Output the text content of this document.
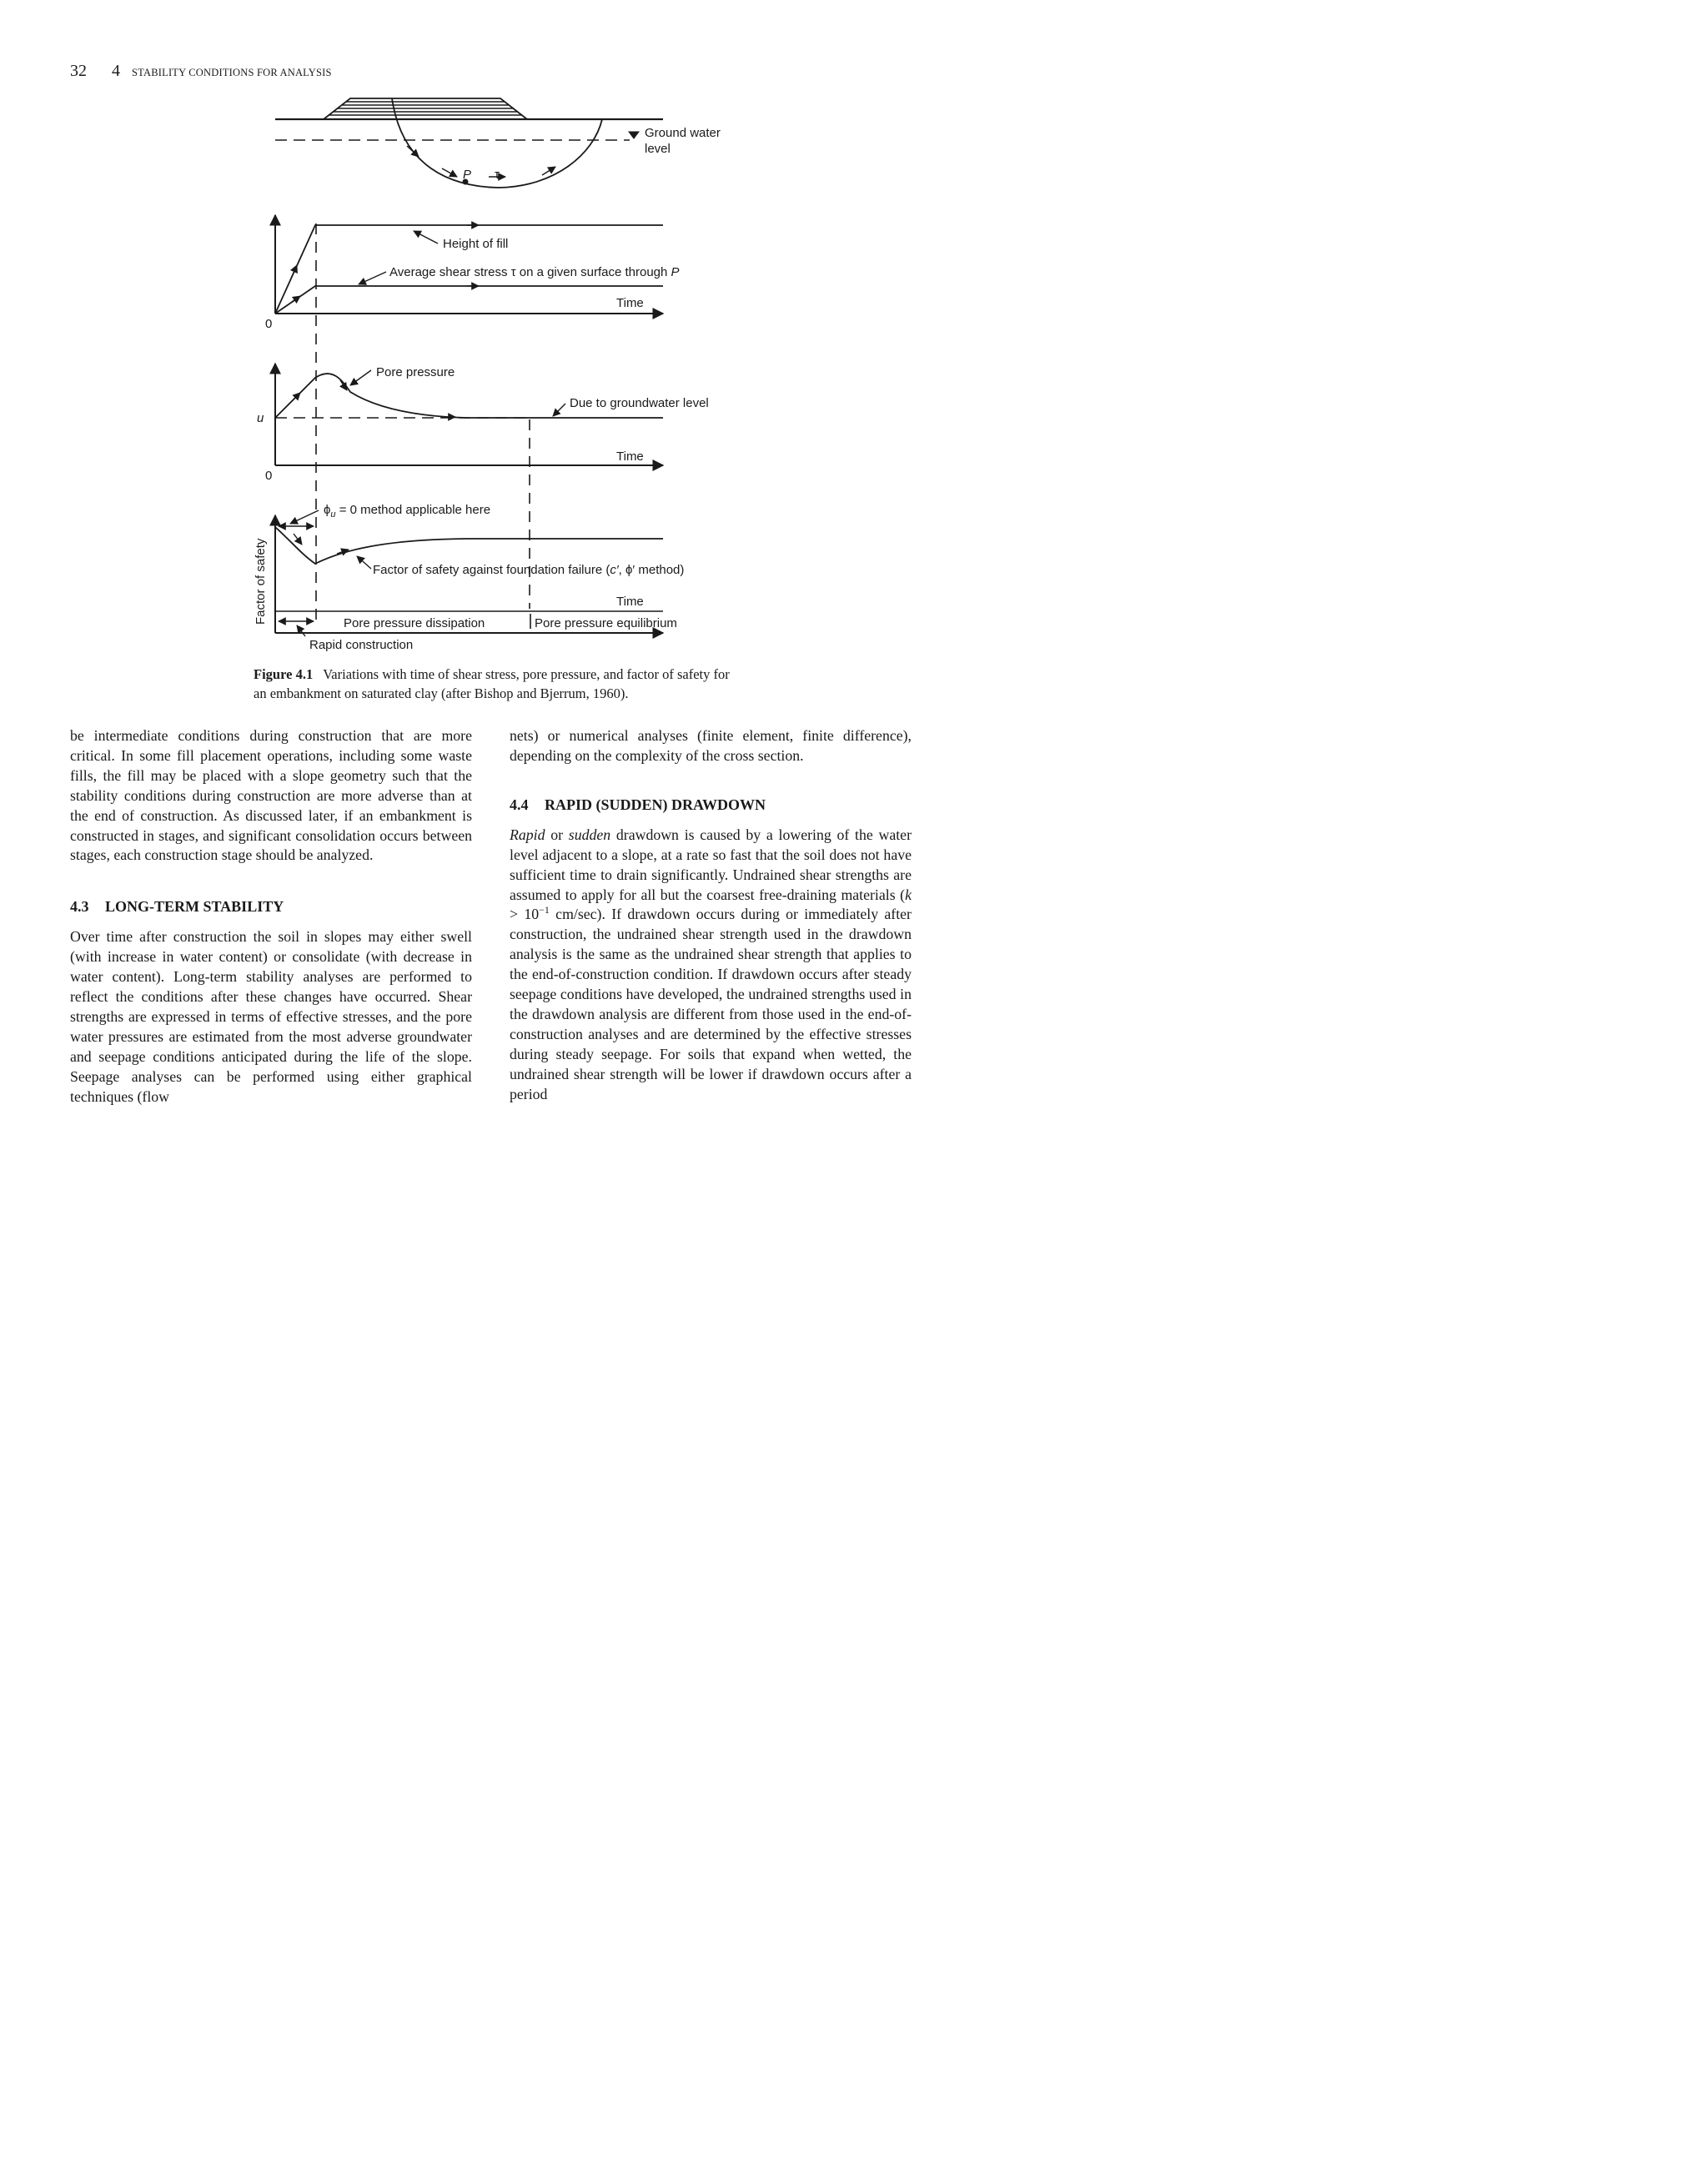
32 4 STABILITY CONDITIONS FOR ANALYSIS
Ground water
level
P τ
Height of fill
Average shear stress τ on a given surface through P
Time
0
Pore pressure
Due to groundwater level
u
Time
0
$\phi_u = 0$ method applicable here
Factor of safety against foundation failure (c′, ϕ′ method)
Factor of safety	Time
Pore pressure dissipation	Pore pressure equilibrium
Rapid construction
Figure 4.1 Variations with time of shear stress, pore pressure, and factor of safety for an embankment on saturated clay (after Bishop and Bjerrum, 1960).

be intermediate conditions during construction that are more critical. In some fill placement operations, including some waste fills, the fill may be placed with a slope geometry such that the stability conditions during construction are more adverse than at the end of construction. As discussed later, if an embankment is constructed in stages, and significant consolidation occurs between stages, each construction stage should be analyzed.

4.3 LONG-TERM STABILITY

Over time after construction the soil in slopes may either swell (with increase in water content) or consolidate (with decrease in water content). Long-term stability analyses are performed to reflect the conditions after these changes have occurred. Shear strengths are expressed in terms of effective stresses, and the pore water pressures are estimated from the most adverse groundwater and seepage conditions anticipated during the life of the slope. Seepage analyses can be performed using either graphical techniques (flow

nets) or numerical analyses (finite element, finite difference), depending on the complexity of the cross section.

4.4 RAPID (SUDDEN) DRAWDOWN

Rapid or sudden drawdown is caused by a lowering of the water level adjacent to a slope, at a rate so fast that the soil does not have sufficient time to drain significantly. Undrained shear strengths are assumed to apply for all but the coarsest free-draining materials ($k > 10^{-1}$ cm/sec). If drawdown occurs during or immediately after construction, the undrained shear strength used in the drawdown analysis is the same as the undrained shear strength that applies to the end-of-construction condition. If drawdown occurs after steady seepage conditions have developed, the undrained strengths used in the drawdown analysis are different from those used in the end-of-construction analyses and are determined by the effective stresses during steady seepage. For soils that expand when wetted, the undrained shear strength will be lower if drawdown occurs after a period
